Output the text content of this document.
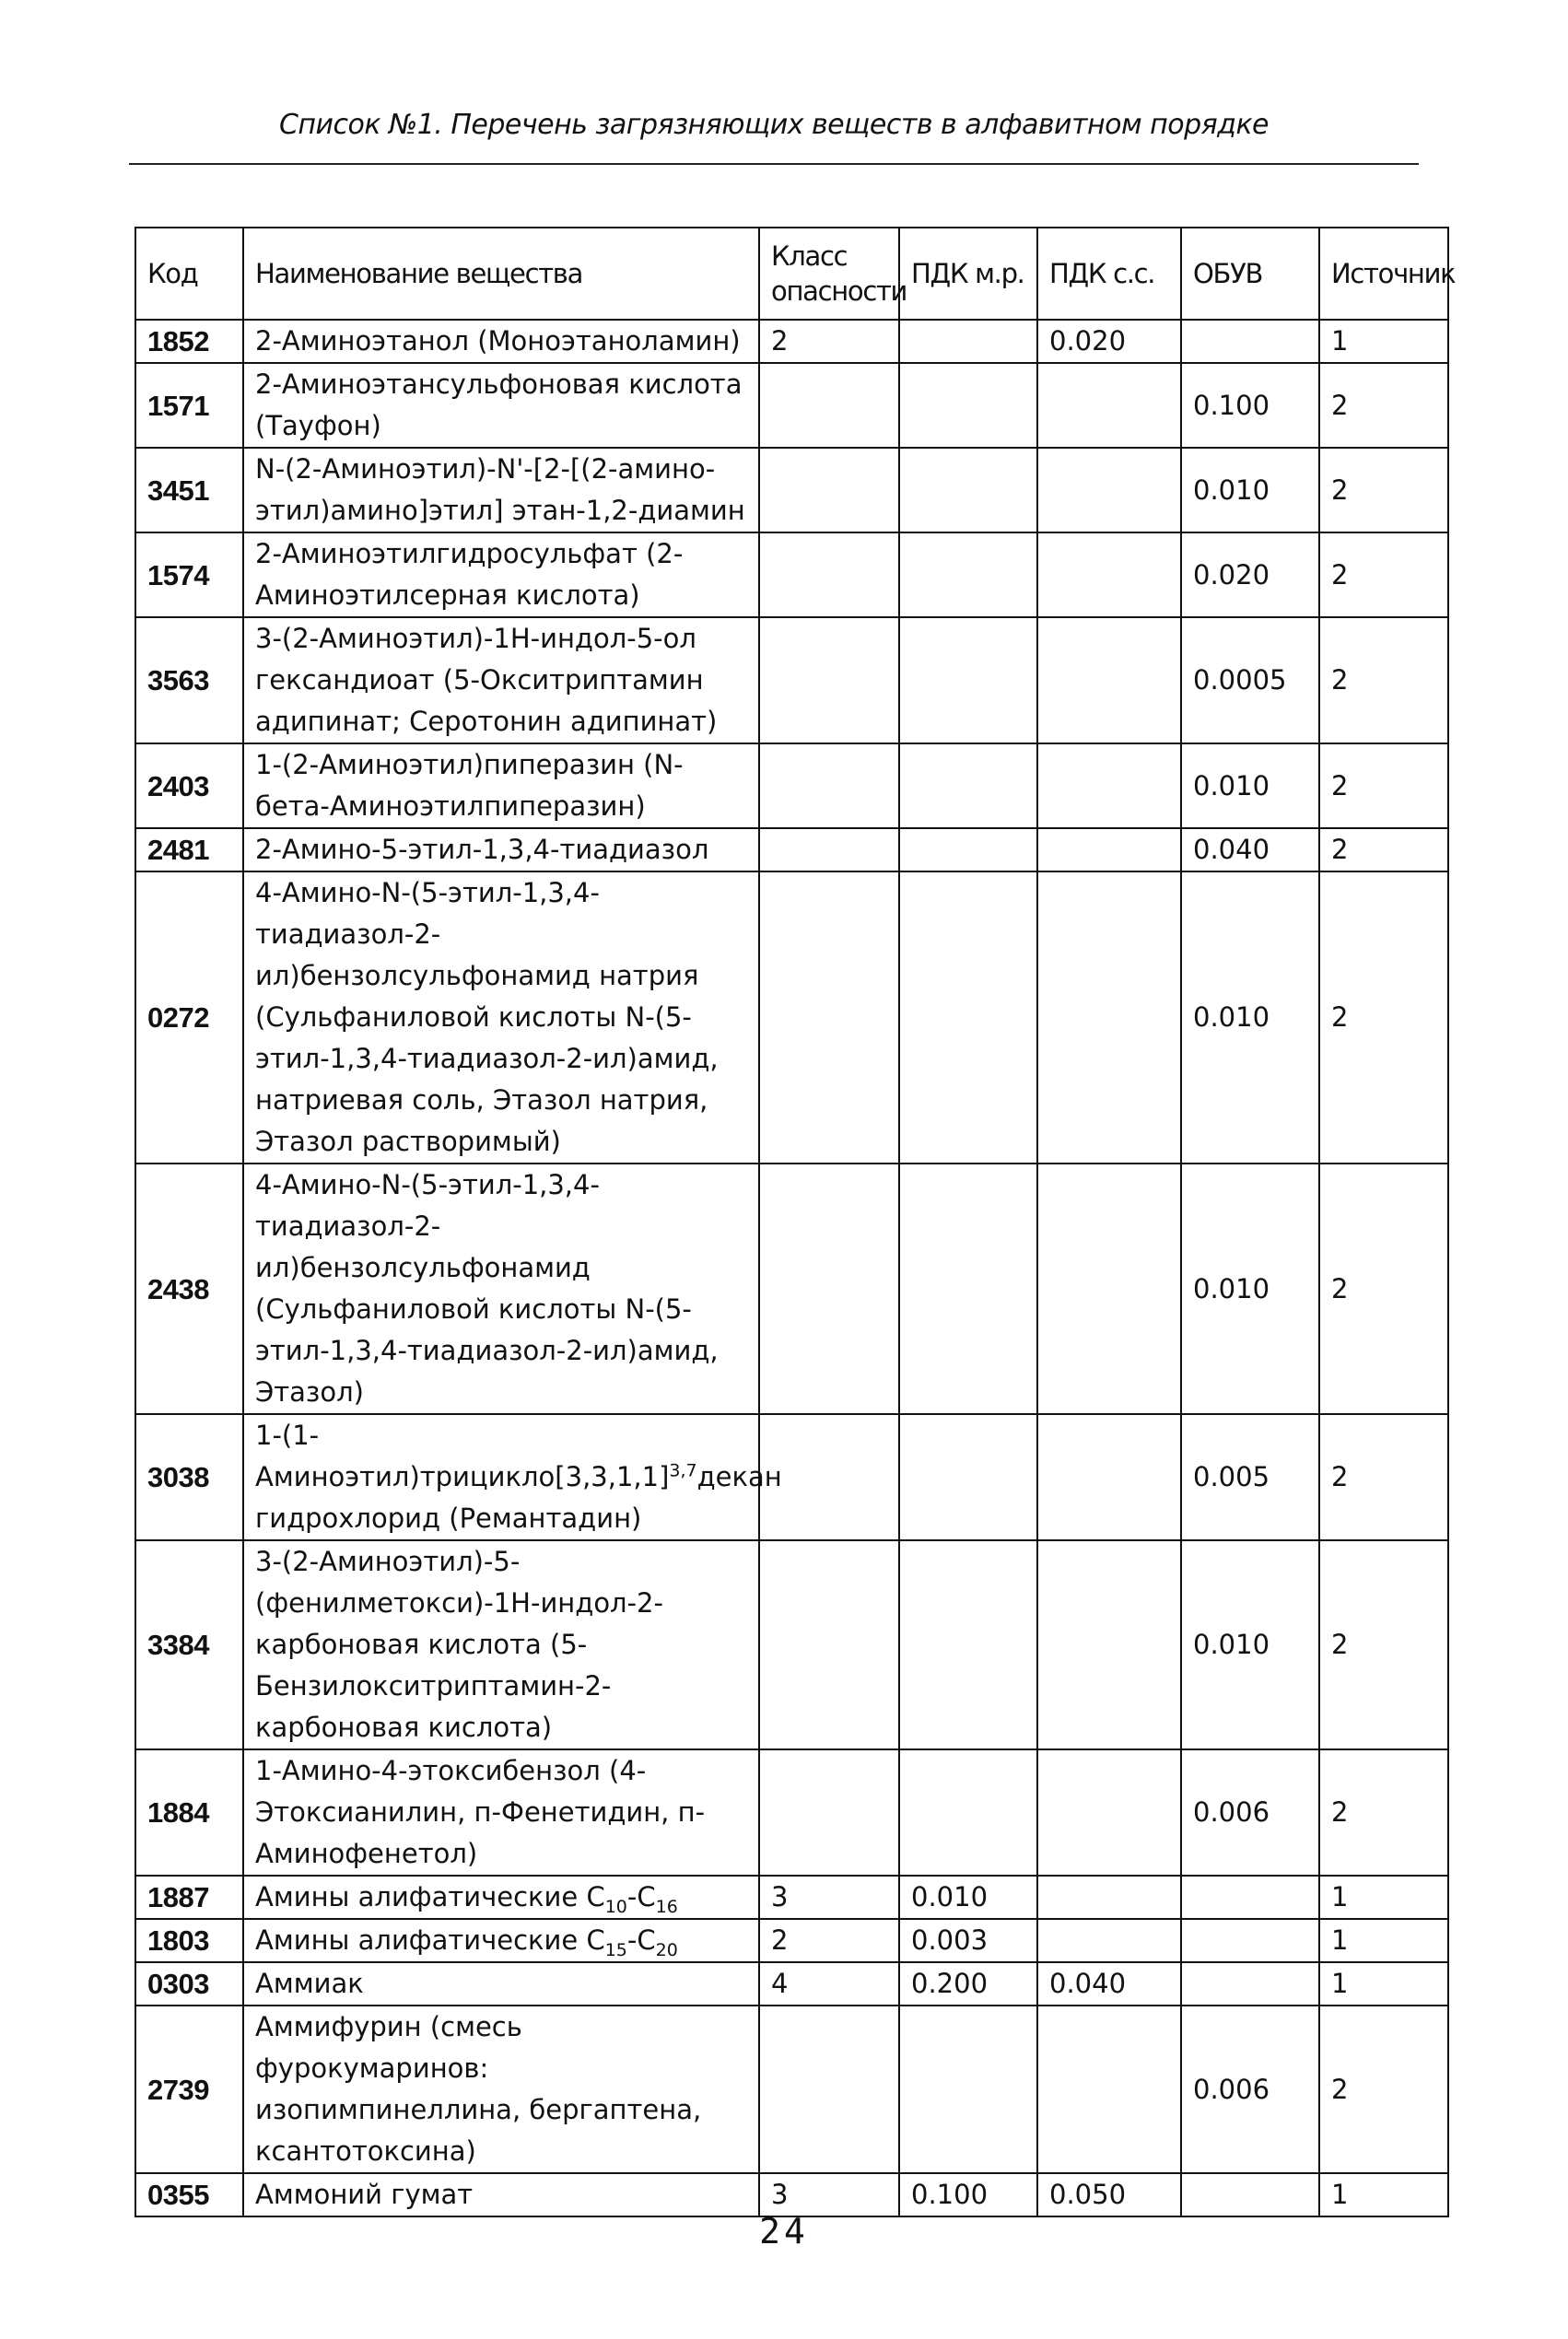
Список №1. Перечень загрязняющих веществ в алфавитном порядке
Код	Наименование вещества	Класс опасности	ПДК м.р.	ПДК с.с.	ОБУВ	Источник
1852	2-Аминоэтанол (Моноэтаноламин)	2		0.020		1
1571	2-Аминоэтансульфоновая кислота (Тауфон)				0.100	2
3451	N-(2-Аминоэтил)-N'-[2-[(2-амино-этил)амино]этил] этан-1,2-диамин				0.010	2
1574	2-Аминоэтилгидросульфат (2-Аминоэтилсерная кислота)				0.020	2
3563	3-(2-Аминоэтил)-1Н-индол-5-ол гександиоат (5-Окситриптамин адипинат; Серотонин адипинат)				0.0005	2
2403	1-(2-Аминоэтил)пиперазин (N-бета-Аминоэтилпиперазин)				0.010	2
2481	2-Амино-5-этил-1,3,4-тиадиазол				0.040	2
0272	4-Амино-N-(5-этил-1,3,4-тиадиазол-2-ил)бензолсульфонамид натрия (Сульфаниловой кислоты N-(5-этил-1,3,4-тиадиазол-2-ил)амид, натриевая соль, Этазол натрия, Этазол растворимый)				0.010	2
2438	4-Амино-N-(5-этил-1,3,4-тиадиазол-2-ил)бензолсульфонамид (Сульфаниловой кислоты N-(5-этил-1,3,4-тиадиазол-2-ил)амид, Этазол)				0.010	2
3038	$1-(1-Аминоэтил)трицикло[3,3,1,1]^{3,7}декан$ гидрохлорид (Ремантадин)				0.005	2
3384	3-(2-Аминоэтил)-5-(фенилметокси)-1Н-индол-2-карбоновая кислота (5-Бензилокситриптамин-2-карбоновая кислота)				0.010	2
1884	1-Амино-4-этоксибензол (4-Этоксианилин, п-Фенетидин, п-Аминофенетол)				0.006	2
1887	Амины алифатические $C_{10}-C_{16}$	3	0.010			1
1803	Амины алифатические $C_{15}-C_{20}$	2	0.003			1
0303	Аммиак	4	0.200	0.040		1
2739	Аммифурин (смесь фурокумаринов: изопимпинеллина, бергаптена, ксантотоксина)				0.006	2
0355	Аммоний гумат	3	0.100	0.050		1
24
